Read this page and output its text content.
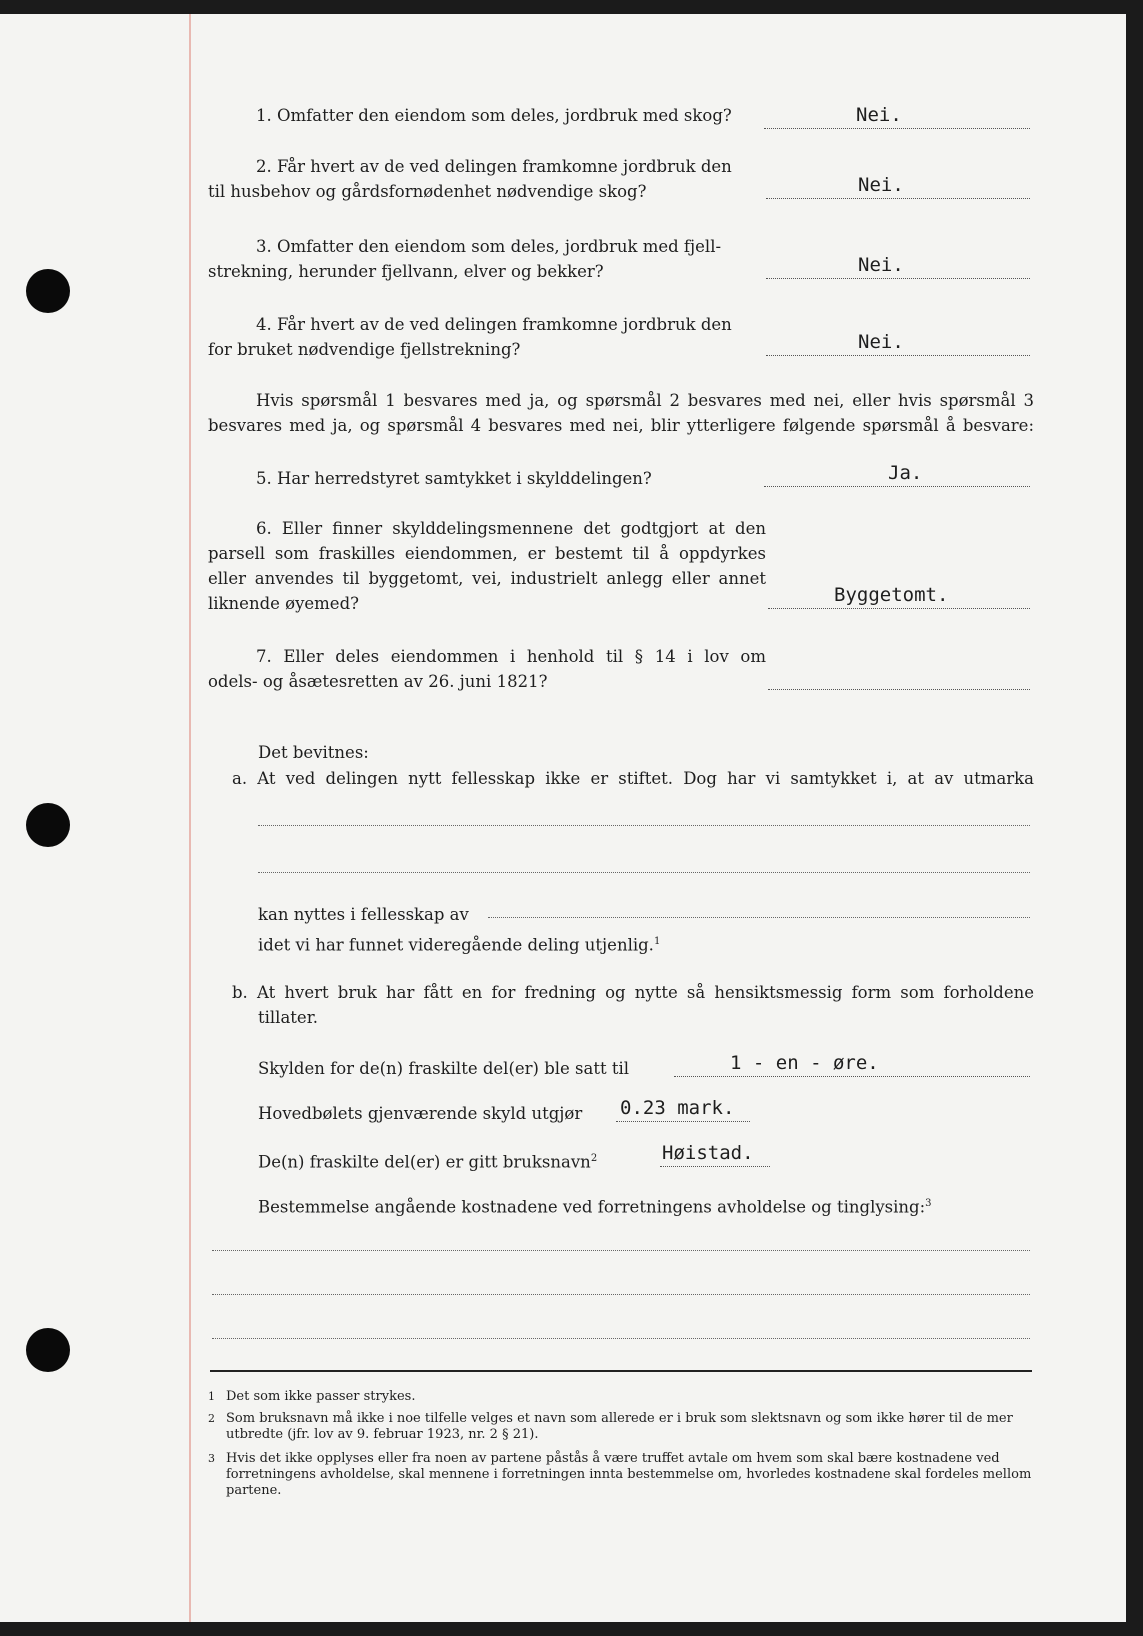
1. Omfatter den eiendom som deles, jordbruk med skog?	Nei.
2. Får hvert av de ved delingen framkomne jordbruk den
til husbehov og gårdsfornødenhet nødvendige skog?	Nei.
3. Omfatter den eiendom som deles, jordbruk med fjell-
strekning, herunder fjellvann, elver og bekker?	Nei.
4. Får hvert av de ved delingen framkomne jordbruk den
for bruket nødvendige fjellstrekning?	Nei.
Hvis spørsmål 1 besvares med ja, og spørsmål 2 besvares med nei, eller hvis spørsmål 3
besvares med ja, og spørsmål 4 besvares med nei, blir ytterligere følgende spørsmål å besvare:
5. Har herredstyret samtykket i skylddelingen?	Ja.
6. Eller finner skylddelingsmennene det godtgjort at den
parsell som fraskilles eiendommen, er bestemt til å oppdyrkes
eller anvendes til byggetomt, vei, industrielt anlegg eller annet
liknende øyemed?	Byggetomt.
7. Eller deles eiendommen i henhold til § 14 i lov om
odels- og åsætesretten av 26. juni 1821?
Det bevitnes:
a. At ved delingen nytt fellesskap ikke er stiftet. Dog har vi samtykket i, at av utmarka
kan nyttes i fellesskap av
idet vi har funnet videregående deling utjenlig.$^1$
b. At hvert bruk har fått en for fredning og nytte så hensiktsmessig form som forholdene
tillater.
Skylden for de(n) fraskilte del(er) ble satt til	1 - en - øre.
Hovedbølets gjenværende skyld utgjør 0.23 mark.
De(n) fraskilte del(er) er gitt bruksnavn$^2$	Høistad.
Bestemmelse angående kostnadene ved forretningens avholdelse og tinglysing:$^3$
1 Det som ikke passer strykes.
2 Som bruksnavn må ikke i noe tilfelle velges et navn som allerede er i bruk som slektsnavn og som ikke hører til de mer utbredte (jfr. lov av 9. februar 1923, nr. 2 § 21).
3 Hvis det ikke opplyses eller fra noen av partene påstås å være truffet avtale om hvem som skal bære kostnadene ved forretningens avholdelse, skal mennene i forretningen innta bestemmelse om, hvorledes kostnadene skal fordeles mellom partene.
